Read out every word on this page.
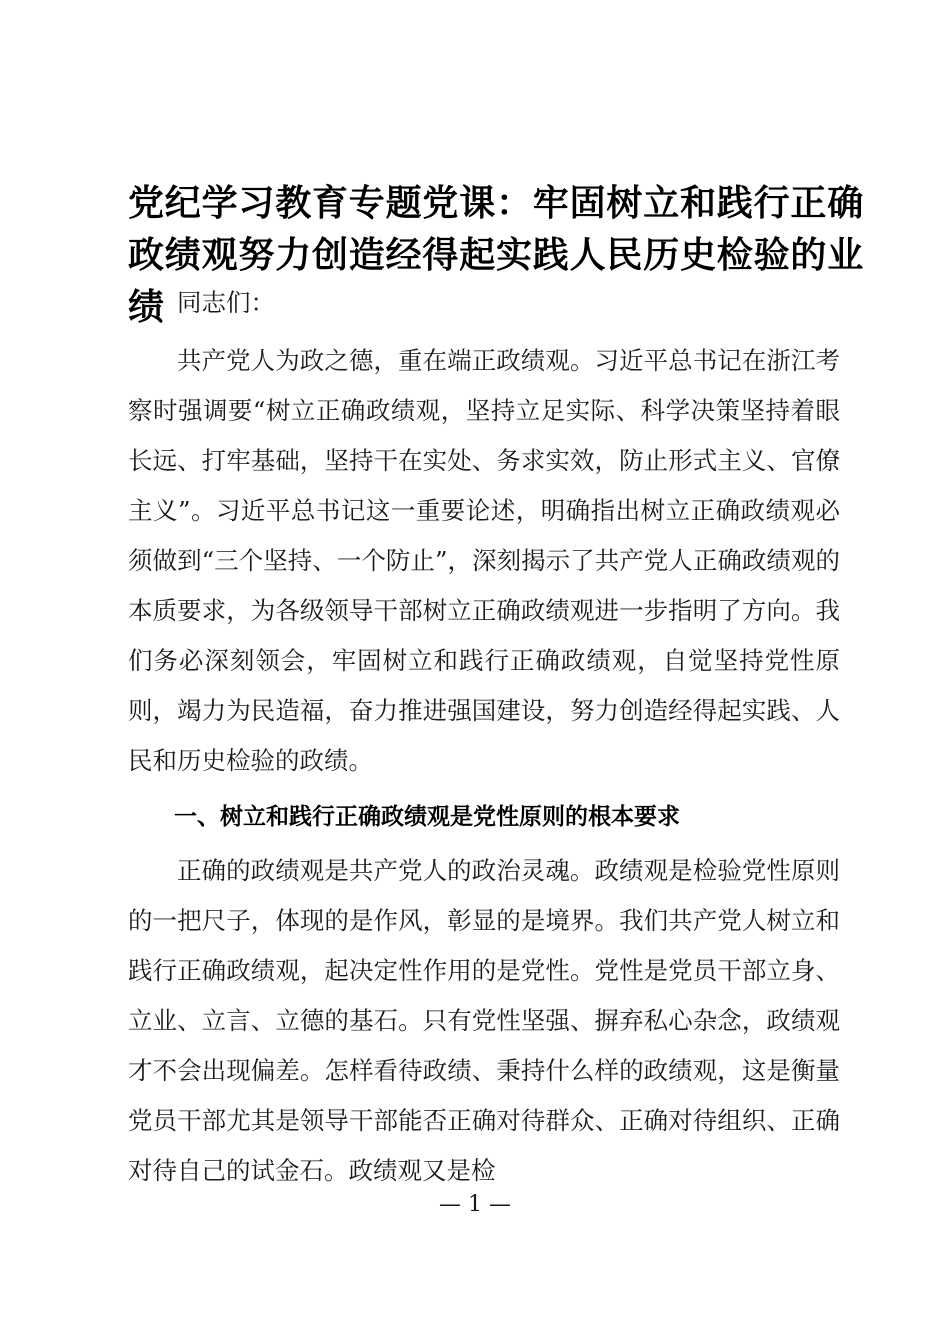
党纪学习教育专题党课：牢固树立和践行正确政绩观努力创造经得起实践人民历史检验的业绩 同志们：

共产党人为政之德，重在端正政绩观。习近平总书记在浙江考察时强调要“树立正确政绩观，坚持立足实际、科学决策坚持着眼长远、打牢基础，坚持干在实处、务求实效，防止形式主义、官僚主义”。习近平总书记这一重要论述，明确指出树立正确政绩观必须做到“三个坚持、一个防止”，深刻揭示了共产党人正确政绩观的本质要求，为各级领导干部树立正确政绩观进一步指明了方向。我们务必深刻领会，牢固树立和践行正确政绩观，自觉坚持党性原则，竭力为民造福，奋力推进强国建设，努力创造经得起实践、人民和历史检验的政绩。

一、树立和践行正确政绩观是党性原则的根本要求

正确的政绩观是共产党人的政治灵魂。政绩观是检验党性原则的一把尺子，体现的是作风，彰显的是境界。我们共产党人树立和践行正确政绩观，起决定性作用的是党性。党性是党员干部立身、立业、立言、立德的基石。只有党性坚强、摒弃私心杂念，政绩观才不会出现偏差。怎样看待政绩、秉持什么样的政绩观，这是衡量党员干部尤其是领导干部能否正确对待群众、正确对待组织、正确对待自己的试金石。政绩观又是检

— 1 —
